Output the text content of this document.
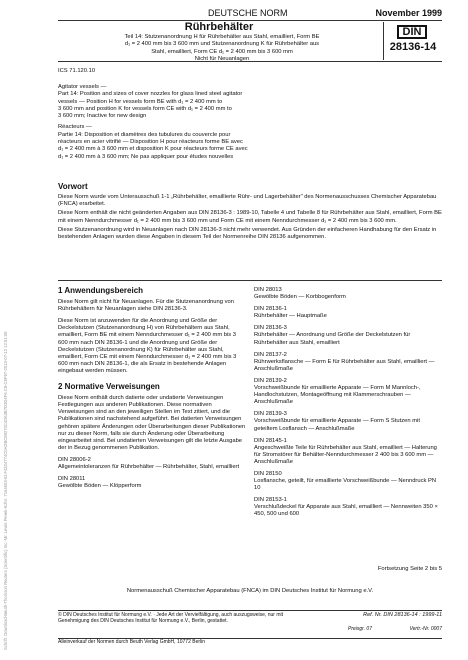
Schrift: Download-Beuth-Thomson Reuters (Scientific) Inc.-Mr. Lewis Pevek-KdNr. 7164603-ID.F4324774C0ADBC89270C4D63B7D3D4F6.C9-C6F97-2013-07-12 12:51:09
DEUTSCHE NORM	November 1999
Rührbehälter
Teil 14: Stutzenanordnung H für Rührbehälter aus Stahl, emailliert, Form BE
d₁ = 2 400 mm bis 3 600 mm und Stutzenanordnung K für Rührbehälter aus
Stahl, emailliert, Form CE d₁ = 2 400 mm bis 3 600 mm
Nicht für Neuanlagen
DIN
28136-14
ICS 71.120.10

Agitator vessels —
Part 14: Position and sizes of cover nozzles for glass lined steel agitator
vessels — Position H for vessels form BE with d₁ = 2 400 mm to
3 600 mm and position K for vessels form CE with d₁ = 2 400 mm to
3 600 mm; Inactive for new design

Réacteurs —
Partie 14: Disposition et diamètres des tubulures du couvercle pour
réacteurs en acier vitrifié — Disposition H pour réacteurs forme BE avec
d₁ = 2 400 mm à 3 600 mm et disposition K pour réacteurs forme CE avec
d₁ = 2 400 mm à 3 600 mm; Ne pas appliquer pour études nouvelles

Vorwort

Diese Norm wurde vom Unterausschuß 1-1 „Rührbehälter, emaillierte Rühr- und Lagerbehälter" des Normenausschusses Chemischer Apparatebau (FNCA) erarbeitet.

Diese Norm enthält die nicht geänderten Angaben aus DIN 28136-3 : 1989-10, Tabelle 4 und Tabelle 8 für Rührbehälter aus Stahl, emailliert, Form BE mit einem Nenndurchmesser d₁ = 2 400 mm bis 3 600 mm und Form CE mit einem Nenndurchmesser d₁ = 2 400 mm bis 3 600 mm.

Diese Stutzenanordnung wird in Neuanlagen nach DIN 28136-3 nicht mehr verwendet. Aus Gründen der einfacheren Handhabung für den Ersatz in bestehenden Anlagen wurden diese Angaben in diesem Teil der Normenreihe DIN 28136 aufgenommen.

1 Anwendungsbereich

Diese Norm gilt nicht für Neuanlagen. Für die Stutzenanordnung von Rührbehältern für Neuanlagen siehe DIN 28136-3.

Diese Norm ist anzuwenden für die Anordnung und Größe der Deckelstutzen (Stutzenanordnung H) von Rührbehältern aus Stahl, emailliert, Form BE mit einem Nenndurchmesser d₁ = 2 400 mm bis 3 600 mm nach DIN 28136-1 und die Anordnung und Größe der Deckelstutzen (Stutzenanordnung K) für Rührbehälter aus Stahl, emailliert, Form CE mit einem Nenndurchmesser d₁ = 2 400 mm bis 3 600 mm nach DIN 28136-1, die als Ersatz in bestehende Anlagen eingebaut werden müssen.

2 Normative Verweisungen

Diese Norm enthält durch datierte oder undatierte Verweisungen Festlegungen aus anderen Publikationen. Diese normativen Verweisungen sind an den jeweiligen Stellen im Text zitiert, und die Publikationen sind nachstehend aufgeführt. Bei datierten Verweisungen gehören spätere Änderungen oder Überarbeitungen dieser Publikationen nur zu dieser Norm, falls sie durch Änderung oder Überarbeitung eingearbeitet sind. Bei undatierten Verweisungen gilt die letzte Ausgabe der in Bezug genommenen Publikation.

DIN 28006-2
Allgemeintoleranzen für Rührbehälter — Rührbehälter, Stahl, emailliert
DIN 28011
Gewölbte Böden — Klöpperform
DIN 28013
Gewölbte Böden — Korbbogenform
DIN 28136-1
Rührbehälter — Hauptmaße
DIN 28136-3
Rührbehälter — Anordnung und Größe der Deckelstutzen für Rührbehälter aus Stahl, emailliert
DIN 28137-2
Rührwerksflansche — Form E für Rührbehälter aus Stahl, emailliert — Anschlußmaße
DIN 28139-2
Vorschweißbunde für emaillierte Apparate — Form M Mannloch-, Handlochstutzen, Montageöffnung mit Klammerschrauben — Anschlußmaße
DIN 28139-3
Vorschweißbunde für emaillierte Apparate — Form S Stutzen mit geteiltem Losflansch — Anschlußmaße
DIN 28145-1
Angeschweißte Teile für Rührbehälter aus Stahl, emailliert — Halterung für Stromstörer für Behälter-Nenndurchmesser 2 400 bis 3 600 mm — Anschlußmaße
DIN 28150
Losflansche, geteilt, für emaillierte Vorschweißbunde — Nenndruck PN 10
DIN 28153-1
Verschlußdeckel für Apparate aus Stahl, emailliert — Nennweiten 350 × 450, 500 und 600
Fortsetzung Seite 2 bis 5
Normenausschuß Chemischer Apparatebau (FNCA) im DIN Deutsches Institut für Normung e.V.
© DIN Deutsches Institut für Normung e.V. · Jede Art der Vervielfältigung, auch auszugsweise, nur mit Genehmigung des DIN Deutsches Institut für Normung e.V., Berlin, gestattet.
Ref. Nr. DIN 28136-14 : 1999-11
Preisgr. 07	Vertr.-Nr. 0007
Alleinverkauf der Normen durch Beuth Verlag GmbH, 10772 Berlin
